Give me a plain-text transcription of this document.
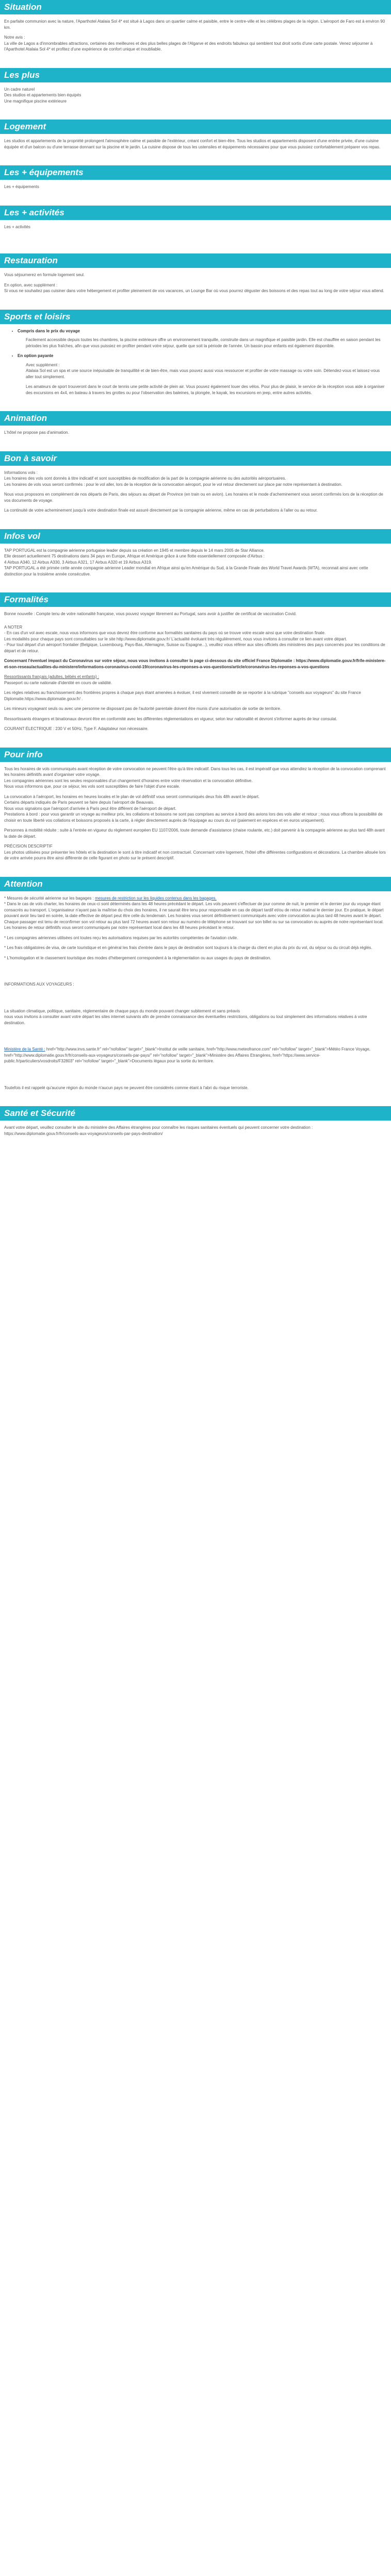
Situation

En parfaite communion avec la nature, l'Aparthotel Atalaia Sol 4* est situé à Lagos dans un quartier calme et paisible, entre le centre-ville et les célèbres plages de la région. L'aéroport de Faro est à environ 90 km.

Notre avis :

La ville de Lagos a d'innombrables attractions, certaines des meilleures et des plus belles plages de l'Algarve et des endroits fabuleux qui semblent tout droit sortis d'une carte postale. Venez séjourner à l'Aparthotel Atalaia Sol 4* et profitez d'une expérience de confort unique et inoubliable.

Les plus

Un cadre naturel

Des studios et appartements bien équipés

Une magnifique piscine extérieure

Logement

Les studios et appartements de la propriété prolongent l'atmosphère calme et paisible de l'extérieur, créant confort et bien-être. Tous les studios et appartements disposent d'une entrée privée, d'une cuisine équipée et d'un balcon ou d'une terrasse donnant sur la piscine et le jardin. La cuisine dispose de tous les ustensiles et équipements nécessaires pour que vous puissiez confortablement préparer vos repas.

Les + équipements

Les + équipements

Les + activités

Les + activités

Restauration

Vous séjournerez en formule logement seul.

En option, avec supplément :

Si vous ne souhaitez pas cuisiner dans votre hébergement et profiter pleinement de vos vacances, un Lounge Bar où vous pourrez déguster des boissons et des repas tout au long de votre séjour vous attend.

Sports et loisirs
• Compris dans le prix du voyage

Facilement accessible depuis toutes les chambres, la piscine extérieure offre un environnement tranquille, construite dans un magnifique et paisible jardin. Elle est chauffée en saison pendant les périodes les plus fraîches, afin que vous puissiez en profiter pendant votre séjour, quelle que soit la période de l'année. Un bassin pour enfants est également disponible.

• En option payante

Avec supplément :

Atalaia Sol est un spa et une source inépuisable de tranquillité et de bien-être, mais vous pouvez aussi vous ressourcer et profiter de votre massage ou votre soin. Détendez-vous et laissez-vous aller tout simplement.

Les amateurs de sport trouveront dans le court de tennis une petite activité de plein air. Vous pouvez également louer des vélos. Pour plus de plaisir, le service de la réception vous aide à organiser des excursions en 4x4, en bateau à travers les grottes ou pour l'observation des baleines, la plongée, le kayak, les excursions en jeep, entre autres activités.

Animation

L'hôtel ne propose pas d'animation.

Bon à savoir

Informations vols :

Les horaires des vols sont donnés à titre indicatif et sont susceptibles de modification de la part de la compagnie aérienne ou des autorités aéroportuaires.

Les horaires de vols vous seront confirmés : pour le vol aller, lors de la réception de la convocation aéroport, pour le vol retour directement sur place par notre représentant à destination.

Nous vous proposons en complément de nos départs de Paris, des séjours au départ de Province (en train ou en avion). Les horaires et le mode d'acheminement vous seront confirmés lors de la réception de vos documents de voyage.

La continuité de votre acheminement jusqu'à votre destination finale est assuré directement par la compagnie aérienne, même en cas de perturbations à l'aller ou au retour.

Infos vol

TAP PORTUGAL est la compagnie aérienne portugaise leader depuis sa création en 1945 et membre depuis le 14 mars 2005 de Star Alliance.

Elle dessert actuellement 75 destinations dans 34 pays en Europe, Afrique et Amérique grâce à une flotte essentiellement composée d'Airbus :

4 Airbus A340, 12 Airbus A330, 3 Airbus A321, 17 Airbus A320 et 19 Airbus A319.

TAP PORTUGAL a été primée cette année compagnie aérienne Leader mondial en Afrique ainsi qu'en Amérique du Sud, à la Grande Finale des World Travel Awards (WTA), reconnait ainsi avec cette distinction pour la troisième année consécutive.

Formalités

Bonne nouvelle : Compte tenu de votre nationalité française, vous pouvez voyager librement au Portugal, sans avoir à justifier de certificat de vaccination Covid.

A NOTER

- En cas d'un vol avec escale, nous vous informons que vous devrez être conforme aux formalités sanitaires du pays où se trouve votre escale ainsi que votre destination finale.

Les modalités pour chaque pays sont consultables sur le site http://www.diplomatie.gouv.fr/ L'actualité évoluant très régulièrement, nous vous invitons à consulter ce lien avant votre départ.

- Pour tout départ d'un aéroport frontalier (Belgique, Luxembourg, Pays-Bas, Allemagne, Suisse ou Espagne...), veuillez vous référer aux sites officiels des ministères des pays concernés pour les conditions de départ et de retour.

Concernant l'éventuel impact du Coronavirus sur votre séjour, nous vous invitons à consulter la page ci-dessous du site officiel France Diplomatie : https://www.diplomatie.gouv.fr/fr/le-ministere-et-son-reseau/actualites-du-ministere/informations-coronavirus-covid-19/coronavirus-les-reponses-a-vos-questions/article/coronavirus-les-reponses-a-vos-questions

Ressortissants français (adultes, bébés et enfants) :

Passeport ou carte nationale d'identité en cours de validité.

Les règles relatives au franchissement des frontières propres à chaque pays étant amenées à évoluer, il est vivement conseillé de se reporter à la rubrique "conseils aux voyageurs" du site France Diplomatie.https://www.diplomatie.gouv.fr/ .

Les mineurs voyageant seuls ou avec une personne ne disposant pas de l'autorité parentale doivent être munis d'une autorisation de sortie de territoire.

Ressortissants étrangers et binationaux devront être en conformité avec les différentes réglementations en vigueur, selon leur nationalité et devront s'informer auprès de leur consulat.

COURANT ÉLECTRIQUE : 230 V et 50Hz, Type F. Adaptateur non nécessaire.

Pour info

Tous les horaires de vols communiqués avant réception de votre convocation ne peuvent l'être qu'à titre indicatif. Dans tous les cas, il est impératif que vous attendiez la réception de la convocation comprenant les horaires définitifs avant d'organiser votre voyage.

Les compagnies aériennes sont les seules responsables d'un changement d'horaires entre votre réservation et la convocation définitive.

Nous vous informons que, pour ce séjour, les vols sont susceptibles de faire l'objet d'une escale.

La convocation à l'aéroport, les horaires en heures locales et le plan de vol définitif vous seront communiqués deux fois 48h avant le départ.

Certains départs indiqués de Paris peuvent se faire depuis l'aéroport de Beauvais.

Nous vous signalons que l'aéroport d'arrivée à Paris peut être différent de l'aéroport de départ.

Prestations à bord : pour vous garantir un voyage au meilleur prix, les collations et boissons ne sont pas comprises au service à bord des avions lors des vols aller et retour ; nous vous offrons la possibilité de choisir en toute liberté vos collations et boissons proposés à la carte, à régler directement auprès de l'équipage au cours du vol (paiement en espèces et en euros uniquement).

Personnes à mobilité réduite : suite à l'entrée en vigueur du règlement européen EU 1107/2006, toute demande d'assistance (chaise roulante, etc.) doit parvenir à la compagnie aérienne au plus tard 48h avant la date de départ.

PRÉCISION DESCRIPTIF

Les photos utilisées pour présenter les hôtels et la destination le sont à titre indicatif et non contractuel. Concernant votre logement, l'hôtel offre différentes configurations et décorations. La chambre allouée lors de votre arrivée pourra être ainsi différente de celle figurant en photo sur le présent descriptif.

Attention

* Mesures de sécurité aérienne sur les bagages : mesures de restriction sur les liquides contenus dans les bagages.

* Dans le cas de vols charter, les horaires de ceux-ci sont déterminés dans les 48 heures précédant le départ. Les vols peuvent s'effectuer de jour comme de nuit, le premier et le dernier jour du voyage étant consacrés au transport. L'organisateur n'ayant pas la maîtrise du choix des horaires, il ne saurait être tenu pour responsable en cas de départ tardif et/ou de retour matinal le dernier jour. En pratique, le départ pouvant avoir lieu tard en soirée, la date effective de départ peut être celle du lendemain. Les horaires vous seront définitivement communiqués avec votre convocation au plus tard 48 heures avant le départ. Chaque passager est tenu de reconfirmer son vol retour au plus tard 72 heures avant son retour au numéro de téléphone se trouvant sur son billet ou sur sa convocation ou auprès de notre représentant local. Les horaires de retour définitifs vous seront communiqués par notre représentant local dans les 48 heures précédant le retour.

* Les compagnies aériennes utilisées ont toutes reçu les autorisations requises par les autorités compétentes de l'aviation civile.

* Les frais obligatoires de visa, de carte touristique et en général les frais d'entrée dans le pays de destination sont toujours à la charge du client en plus du prix du vol, du séjour ou du circuit déjà réglés.

* L'homologation et le classement touristique des modes d'hébergement correspondent à la réglementation ou aux usages du pays de destination.

INFORMATIONS AUX VOYAGEURS :

La situation climatique, politique, sanitaire, réglementaire de chaque pays du monde pouvant changer subitement et sans préavis

nous vous invitons à consulter avant votre départ les sites internet suivants afin de prendre connaissance des éventuelles restrictions, obligations ou tout simplement des informations relatives à votre destination.

Ministère de la Santé : href="http://www.invs.sante.fr" rel="nofollow" target="_blank">Institut de veille sanitaire, href="http://www.meteofrance.com" rel="nofollow" target="_blank">Météo France Voyage, href="http://www.diplomatie.gouv.fr/fr/conseils-aux-voyageurs/conseils-par-pays/" rel="nofollow" target="_blank">Ministère des Affaires Etrangères, href="https://www.service-public.fr/particuliers/vosdroits/F32803" rel="nofollow" target="_blank">Documents légaux pour la sortie du territoire.

Toutefois il est rappelé qu'aucune région du monde n'aucun pays ne peuvent être considérés comme étant à l'abri du risque terroriste.

Santé et Sécurité

Avant votre départ, veuillez consulter le site du ministère des Affaires étrangères pour connaître les risques sanitaires éventuels qui peuvent concerner votre destination : https://www.diplomatie.gouv.fr/fr/conseils-aux-voyageurs/conseils-par-pays-destination/
